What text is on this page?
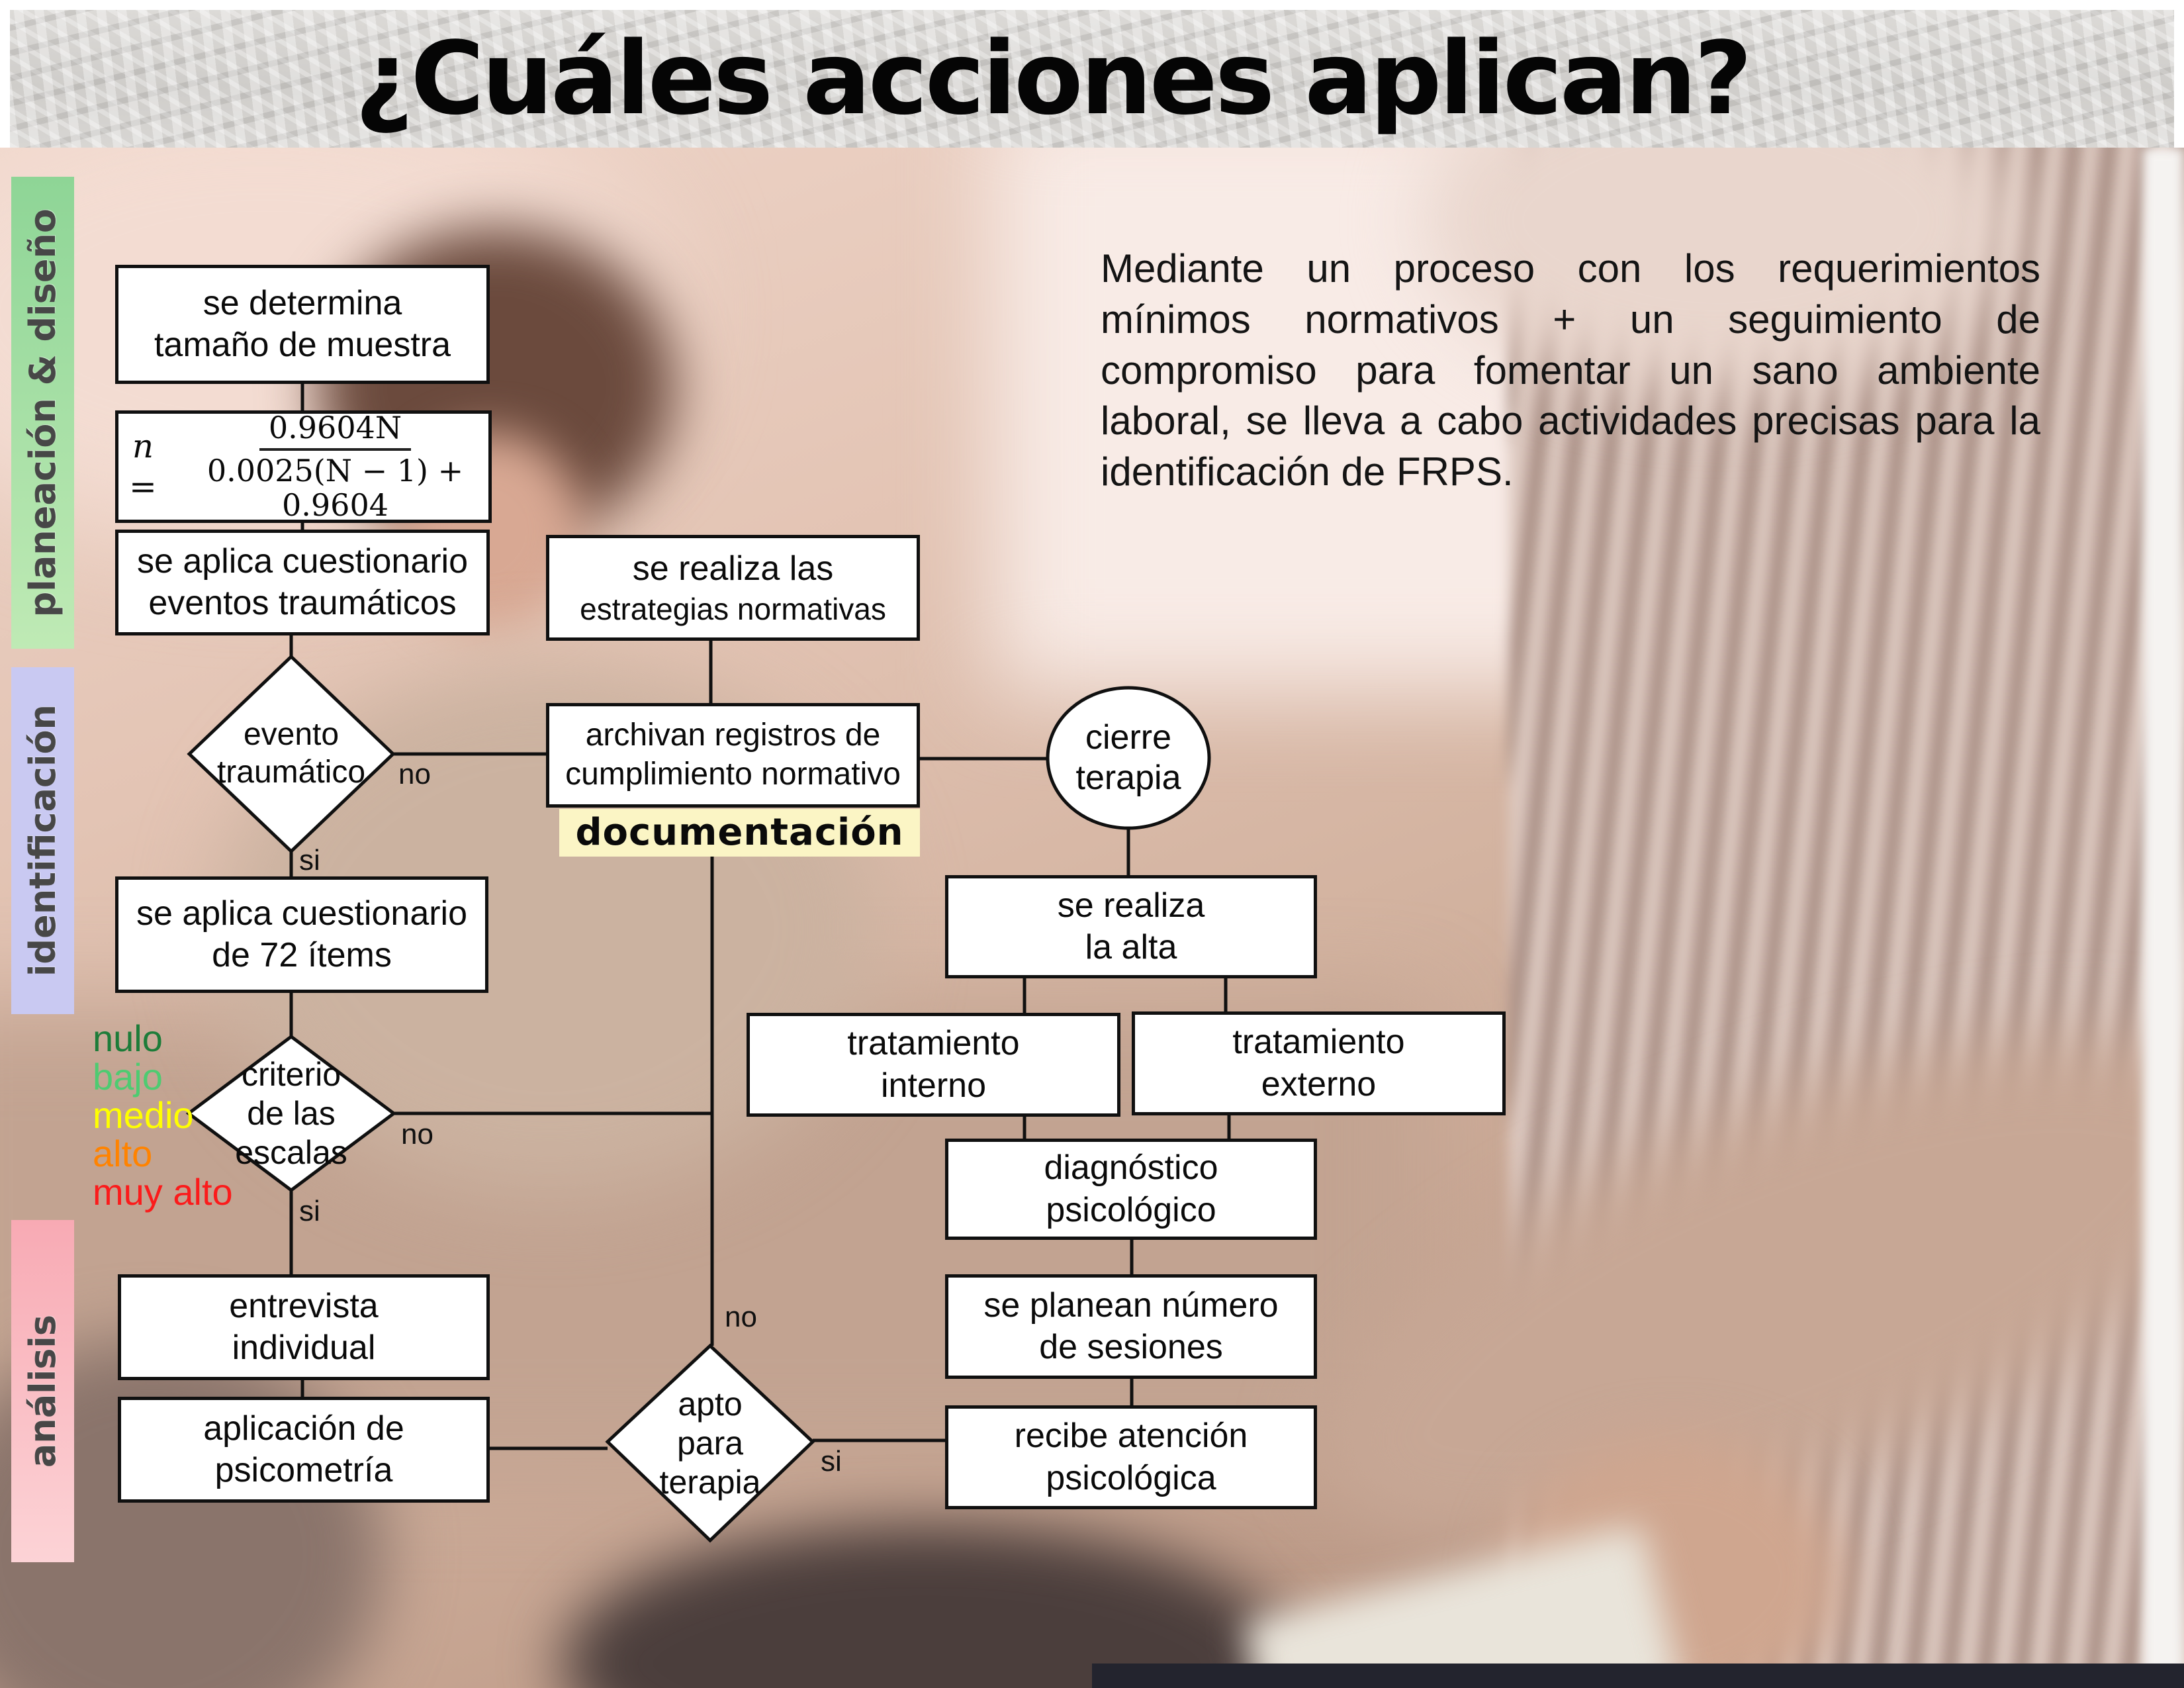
¿Cuáles acciones aplican?
planeación & diseño
identificación
análisis
Mediante un proceso con los requerimientos mínimos normativos + un seguimiento de compromiso para fomentar un sano ambiente laboral, se lleva a cabo actividades precisas para la identificación de FRPS.
se determina
tamaño de muestra
$n = \frac{0.9604N}{0.0025(N - 1) + 0.9604}$
se aplica cuestionario
eventos traumáticos
se realiza las
estrategias normativas
archivan registros de
cumplimiento normativo
documentación
se aplica cuestionario
de 72 ítems
entrevista
individual
aplicación de
psicometría
se realiza
la alta
tratamiento
interno
tratamiento
externo
diagnóstico
psicológico
se planean número
de sesiones
recibe atención
psicológica
evento
traumático
criterio
de las
escalas
apto
para
terapia
cierre
terapia
no
si
no
si
no
si
nulo
bajo
medio
alto
muy alto
